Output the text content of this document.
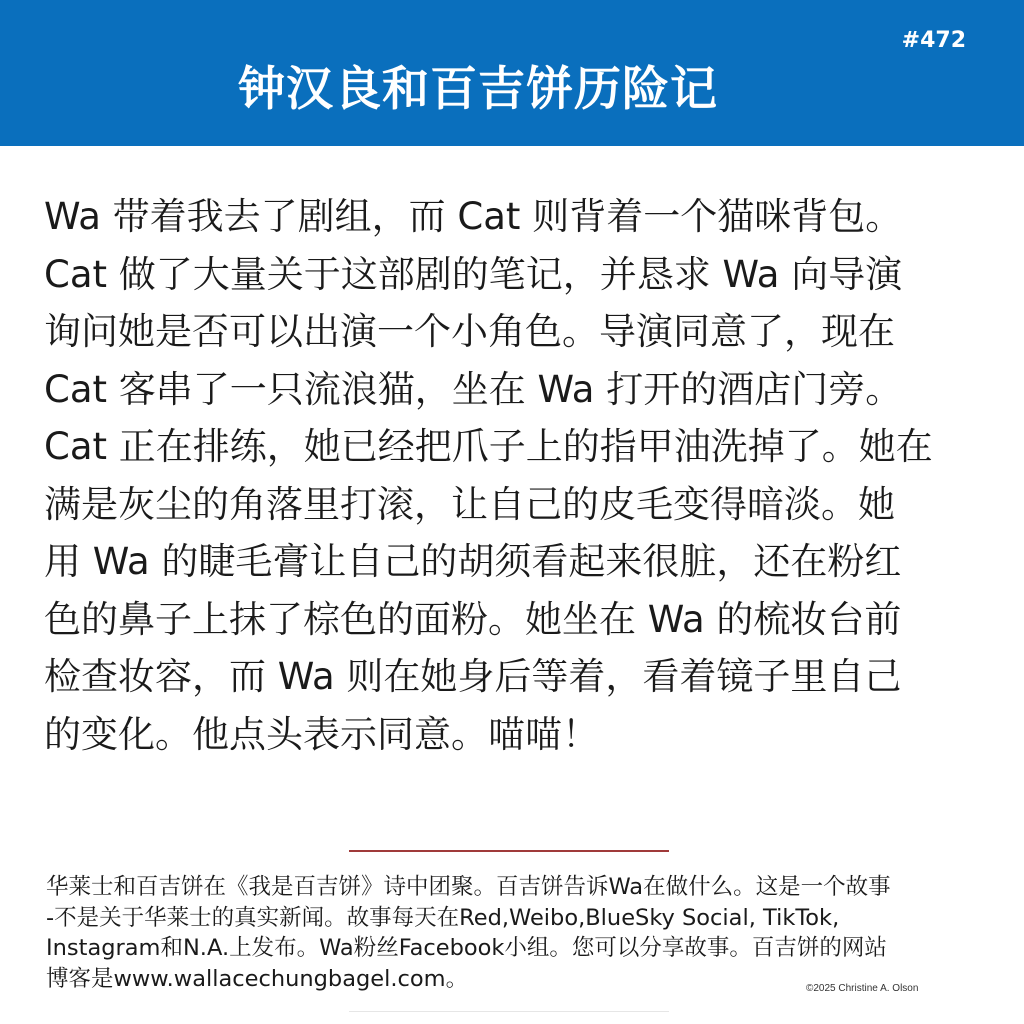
钟汉良和百吉饼历险记
#472
Wa 带着我去了剧组，而 Cat 则背着一个猫咪背包。
Cat 做了大量关于这部剧的笔记，并恳求 Wa 向导演
询问她是否可以出演一个小角色。导演同意了，现在
Cat 客串了一只流浪猫，坐在 Wa 打开的酒店门旁。
Cat 正在排练，她已经把爪子上的指甲油洗掉了。她在
满是灰尘的角落里打滚，让自己的皮毛变得暗淡。她
用 Wa 的睫毛膏让自己的胡须看起来很脏，还在粉红
色的鼻子上抹了棕色的面粉。她坐在 Wa 的梳妆台前
检查妆容，而 Wa 则在她身后等着，看着镜子里自己
的变化。他点头表示同意。喵喵！
华莱士和百吉饼在《我是百吉饼》诗中团聚。百吉饼告诉Wa在做什么。这是一个故事
-不是关于华莱士的真实新闻。故事每天在Red,Weibo,BlueSky Social, TikTok,
Instagram和N.A.上发布。Wa粉丝Facebook小组。您可以分享故事。百吉饼的网站
博客是www.wallacechungbagel.com。	©2025 Christine A. Olson
